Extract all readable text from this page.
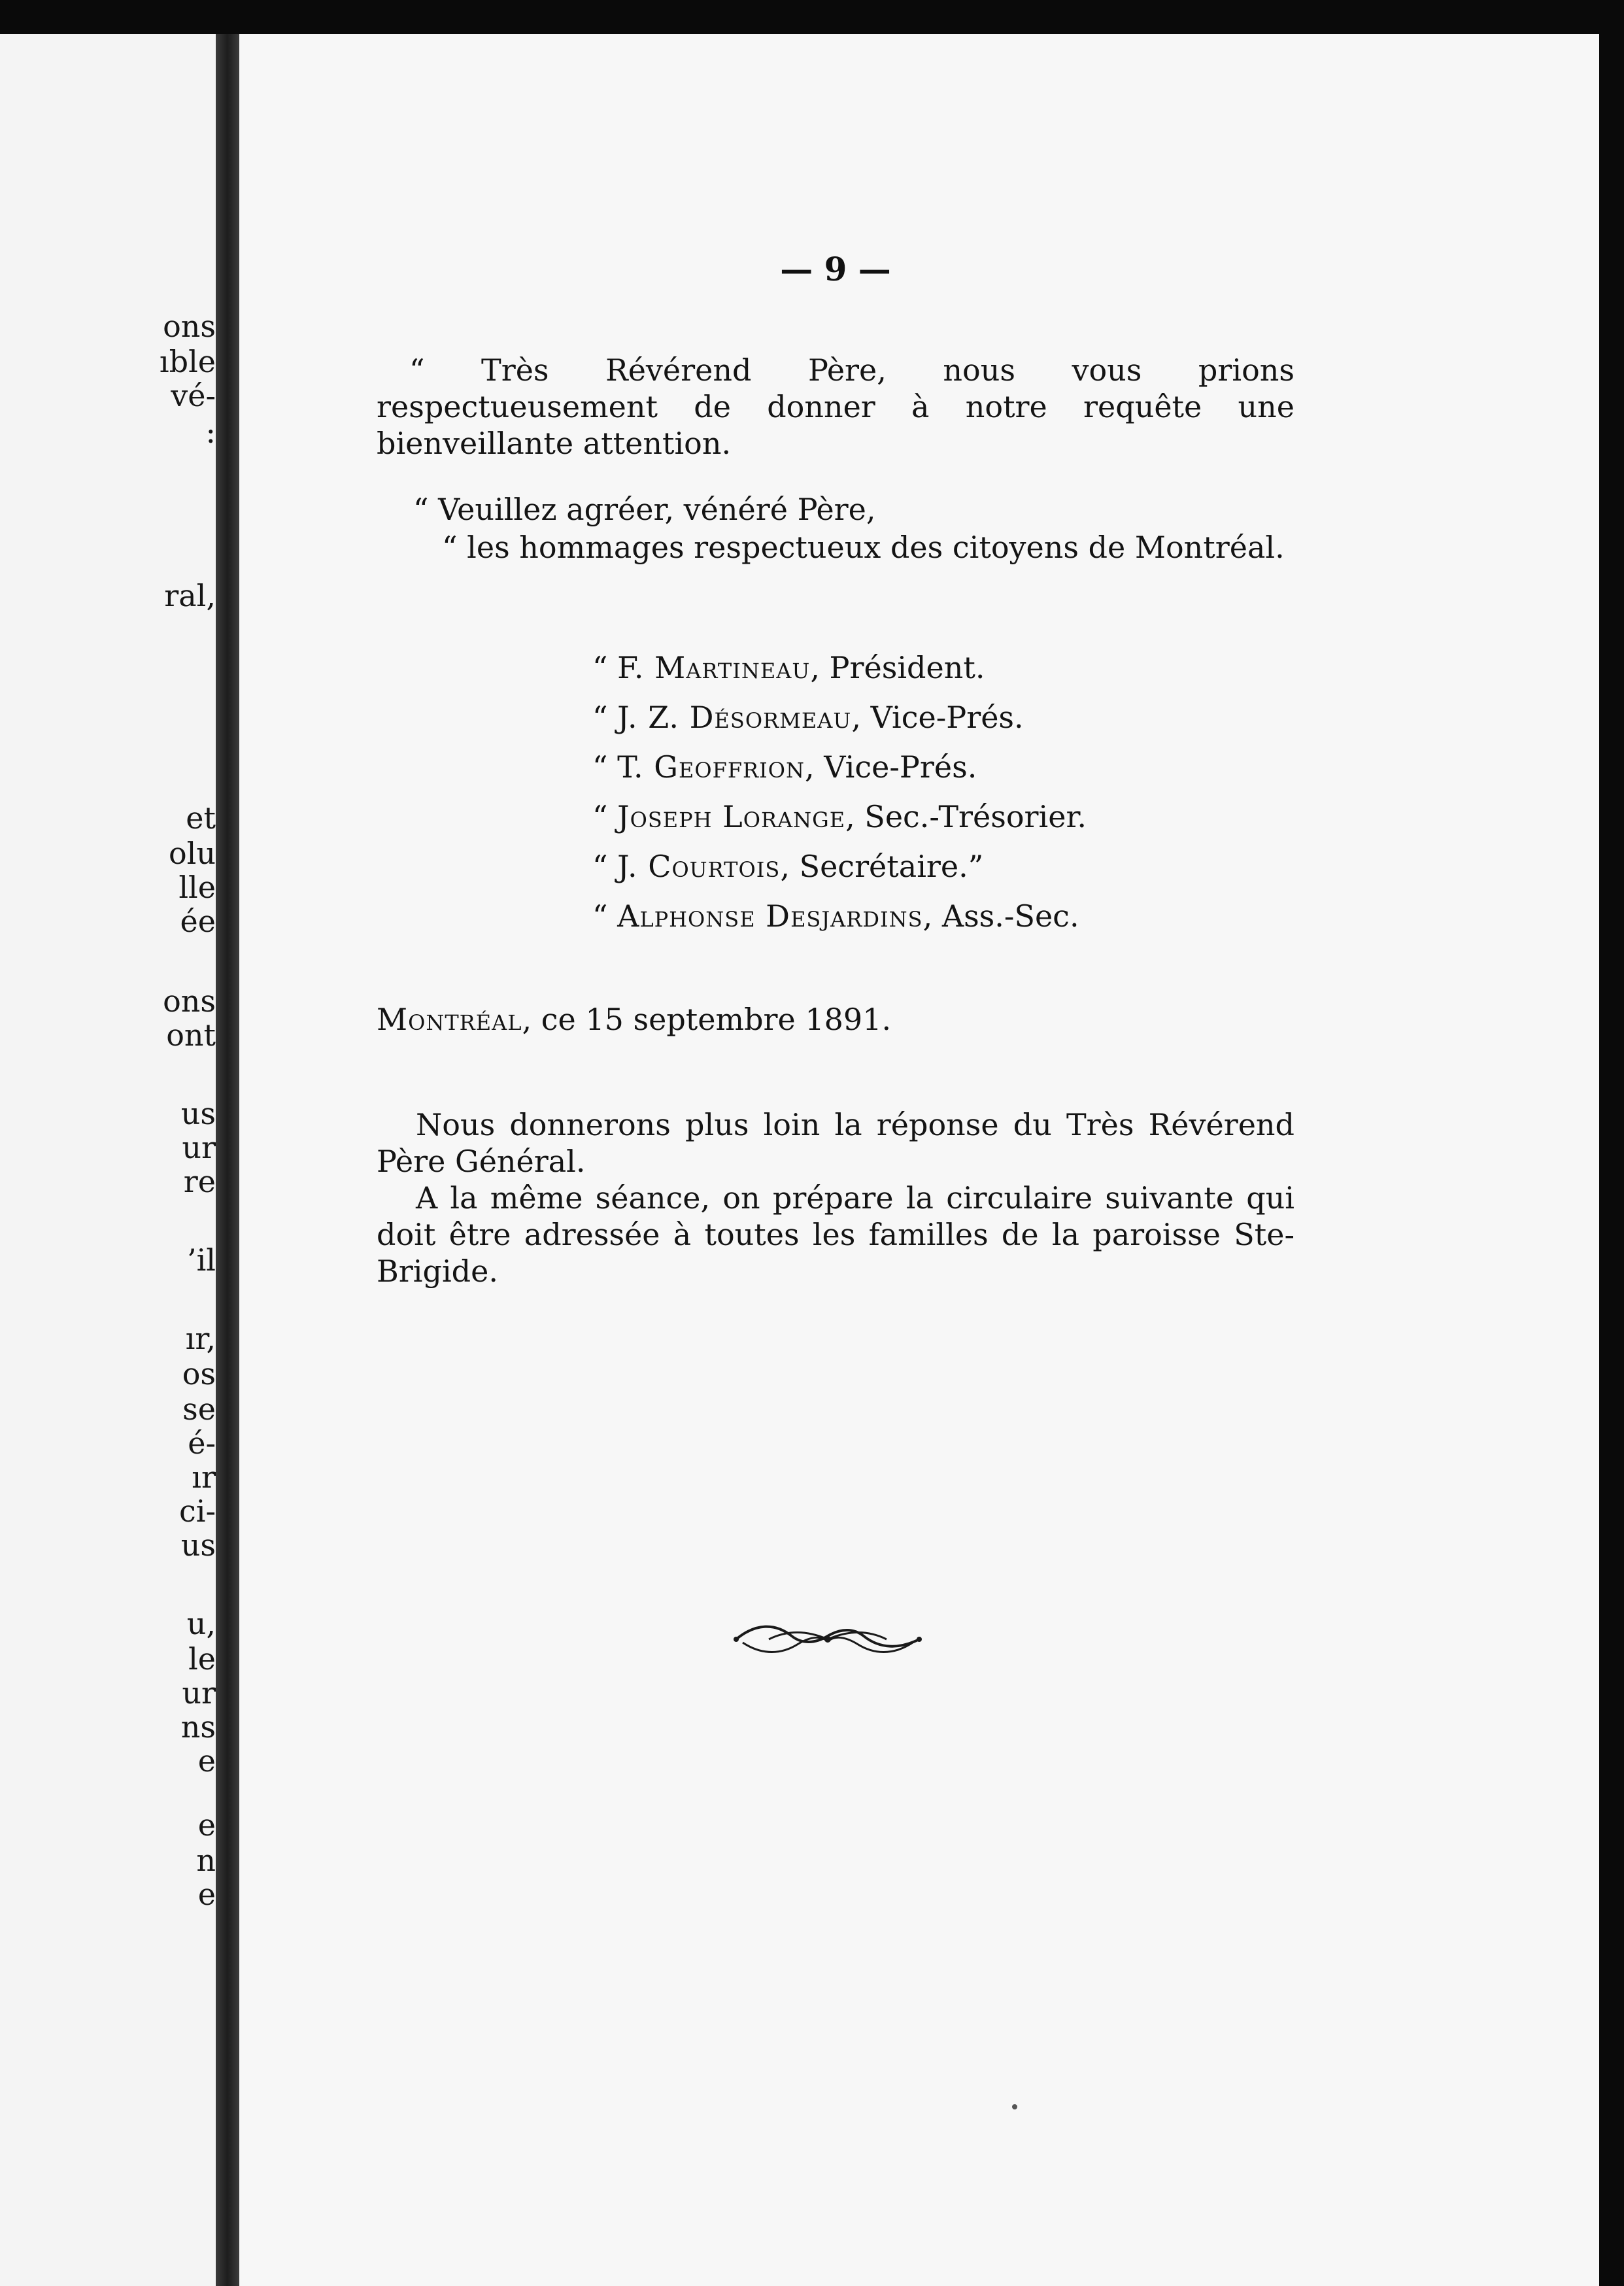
ons
ıble
vé-
:
ral,
et
olu
lle
ée
ons
ont
us
ur
re
’il
ır,
os
se
é-
ır
ci-
us
u,
le
ur
ns
e
e
n
e
— 9 —

“ Très Révérend Père, nous vous prions respectueusement de donner à notre requête une bienveillante attention.

“ Veuillez agréer, vénéré Père,
“ les hommages respectueux des citoyens de Montréal.
“ F. Martineau, Président.
“ J. Z. Désormeau, Vice-Prés.
“ T. Geoffrion, Vice-Prés.
“ Joseph Lorange, Sec.-Trésorier.
“ J. Courtois, Secrétaire.”
“ Alphonse Desjardins, Ass.-Sec.
Montréal, ce 15 septembre 1891.

Nous donnerons plus loin la réponse du Très Révérend Père Général.

A la même séance, on prépare la circulaire suivante qui doit être adressée à toutes les familles de la paroisse Ste-Brigide.
